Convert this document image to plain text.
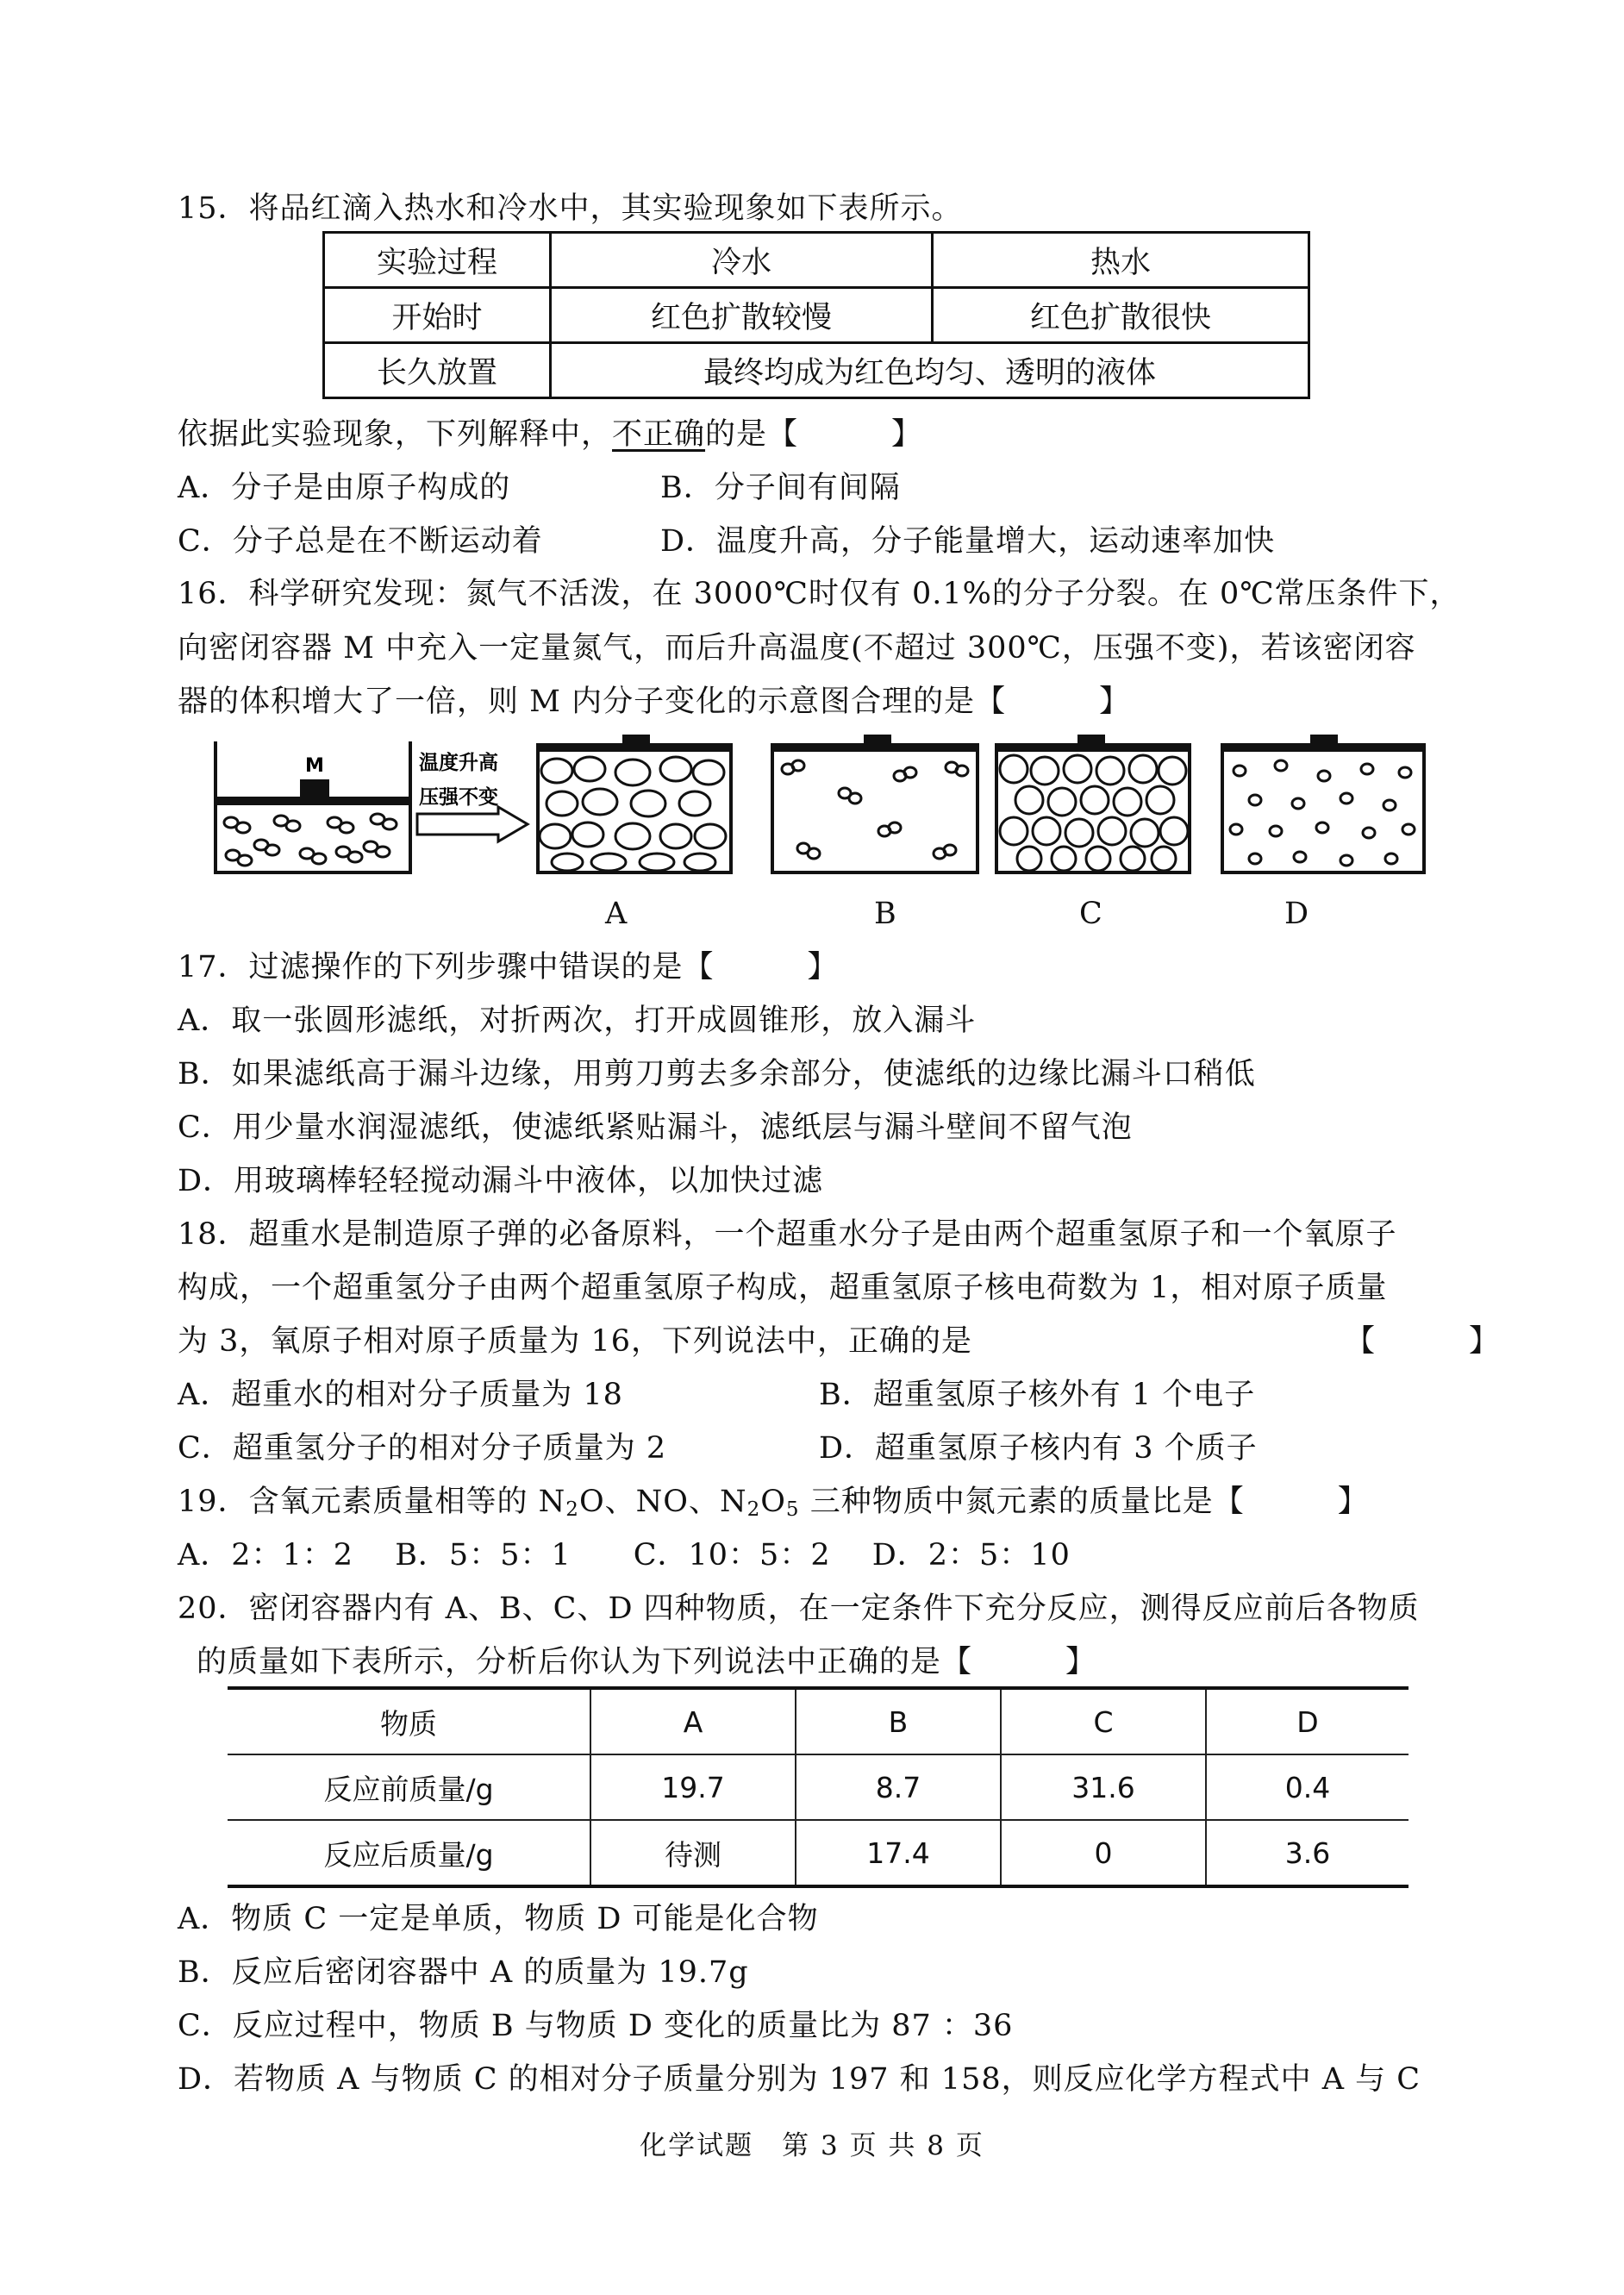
15．将品红滴入热水和冷水中，其实验现象如下表所示。
实验过程	冷水	热水
开始时	红色扩散较慢	红色扩散很快
长久放置	最终均成为红色均匀、透明的液体	
依据此实验现象，下列解释中，不正确的是【　　　】
A．分子是由原子构成的	B．分子间有间隔
C．分子总是在不断运动着	D．温度升高，分子能量增大，运动速率加快
16．科学研究发现：氮气不活泼，在 3000℃时仅有 0.1%的分子分裂。在 0℃常压条件下，
向密闭容器 M 中充入一定量氮气，而后升高温度(不超过 300℃，压强不变)，若该密闭容
器的体积增大了一倍，则 M 内分子变化的示意图合理的是【　　　】
M	温度升高
压强不变
A	B	C	D
17．过滤操作的下列步骤中错误的是【　　　】
A．取一张圆形滤纸，对折两次，打开成圆锥形，放入漏斗
B．如果滤纸高于漏斗边缘，用剪刀剪去多余部分，使滤纸的边缘比漏斗口稍低
C．用少量水润湿滤纸，使滤纸紧贴漏斗，滤纸层与漏斗壁间不留气泡
D．用玻璃棒轻轻搅动漏斗中液体，以加快过滤
18．超重水是制造原子弹的必备原料，一个超重水分子是由两个超重氢原子和一个氧原子
构成，一个超重氢分子由两个超重氢原子构成，超重氢原子核电荷数为 1，相对原子质量
为 3，氧原子相对原子质量为 16，下列说法中，正确的是	【　　　】
A．超重水的相对分子质量为 18	B．超重氢原子核外有 1 个电子
C．超重氢分子的相对分子质量为 2	D．超重氢原子核内有 3 个质子
19．含氧元素质量相等的 $N_2O$、NO、$N_2O_5$ 三种物质中氮元素的质量比是【　　　】
A．2：1：2　 B．5：5：1　　C．10：5：2　 D．2：5：10
20．密闭容器内有 A、B、C、D 四种物质，在一定条件下充分反应，测得反应前后各物质
的质量如下表所示，分析后你认为下列说法中正确的是【　　　】
物质	A	B	C	D
反应前质量/g	19.7	8.7	31.6	0.4
反应后质量/g	待测	17.4	0	3.6
A．物质 C 一定是单质，物质 D 可能是化合物
B．反应后密闭容器中 A 的质量为 19.7g
C．反应过程中，物质 B 与物质 D 变化的质量比为 87 ：36
D．若物质 A 与物质 C 的相对分子质量分别为 197 和 158，则反应化学方程式中 A 与 C
化学试题　第 3 页 共 8 页
